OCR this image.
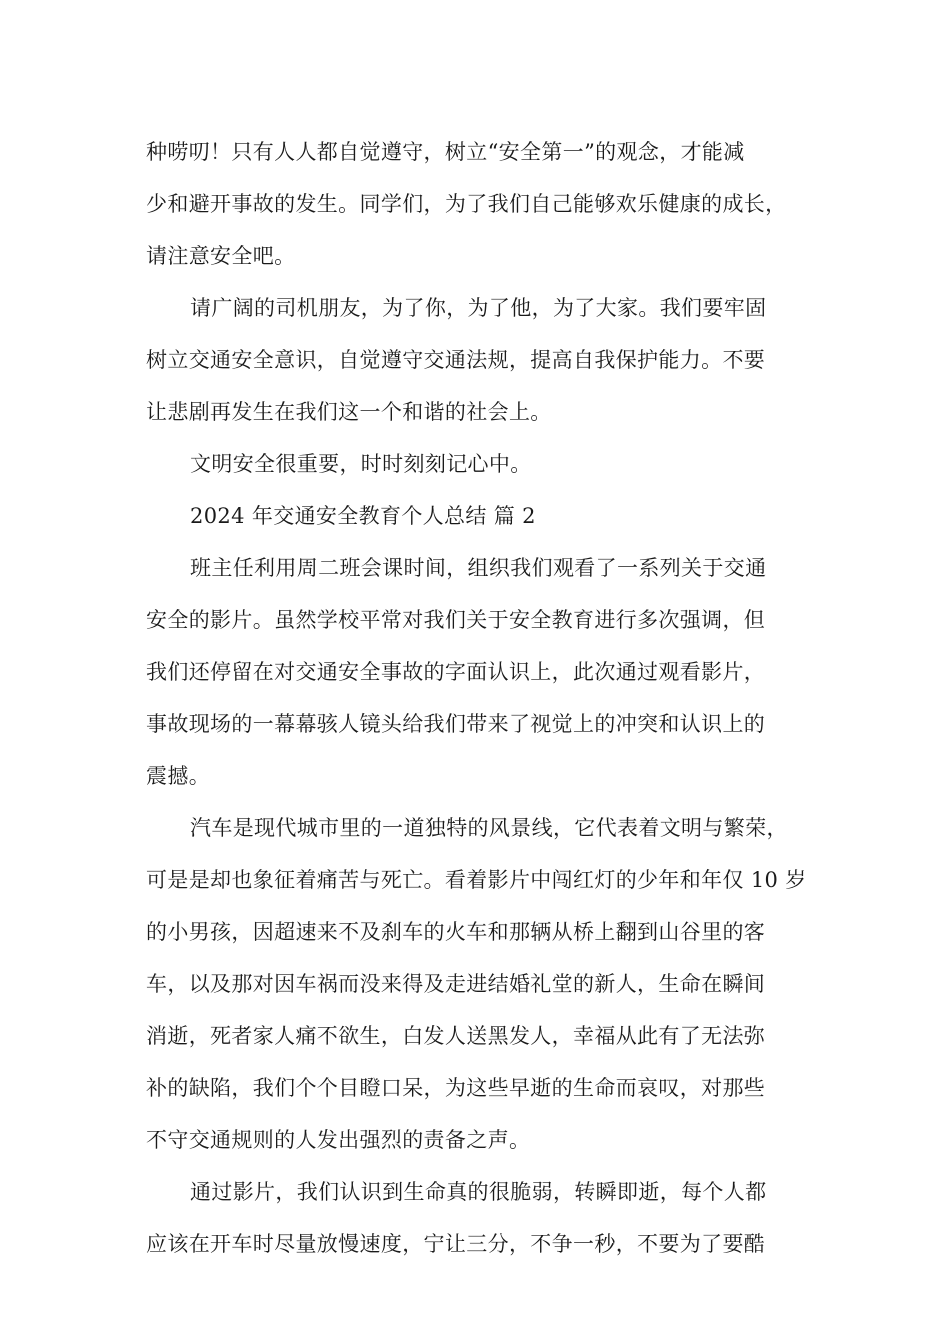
种唠叨！只有人人都自觉遵守，树立“安全第一”的观念，才能减
少和避开事故的发生。同学们，为了我们自己能够欢乐健康的成长，
请注意安全吧。
请广阔的司机朋友，为了你，为了他，为了大家。我们要牢固
树立交通安全意识，自觉遵守交通法规，提高自我保护能力。不要
让悲剧再发生在我们这一个和谐的社会上。
文明安全很重要，时时刻刻记心中。
2024 年交通安全教育个人总结 篇 2
班主任利用周二班会课时间，组织我们观看了一系列关于交通
安全的影片。虽然学校平常对我们关于安全教育进行多次强调，但
我们还停留在对交通安全事故的字面认识上，此次通过观看影片，
事故现场的一幕幕骇人镜头给我们带来了视觉上的冲突和认识上的
震撼。
汽车是现代城市里的一道独特的风景线，它代表着文明与繁荣，
可是是却也象征着痛苦与死亡。看着影片中闯红灯的少年和年仅 10 岁
的小男孩，因超速来不及刹车的火车和那辆从桥上翻到山谷里的客
车，以及那对因车祸而没来得及走进结婚礼堂的新人，生命在瞬间
消逝，死者家人痛不欲生，白发人送黑发人，幸福从此有了无法弥
补的缺陷，我们个个目瞪口呆，为这些早逝的生命而哀叹，对那些
不守交通规则的人发出强烈的责备之声。
通过影片，我们认识到生命真的很脆弱，转瞬即逝，每个人都
应该在开车时尽量放慢速度，宁让三分，不争一秒，不要为了要酷
